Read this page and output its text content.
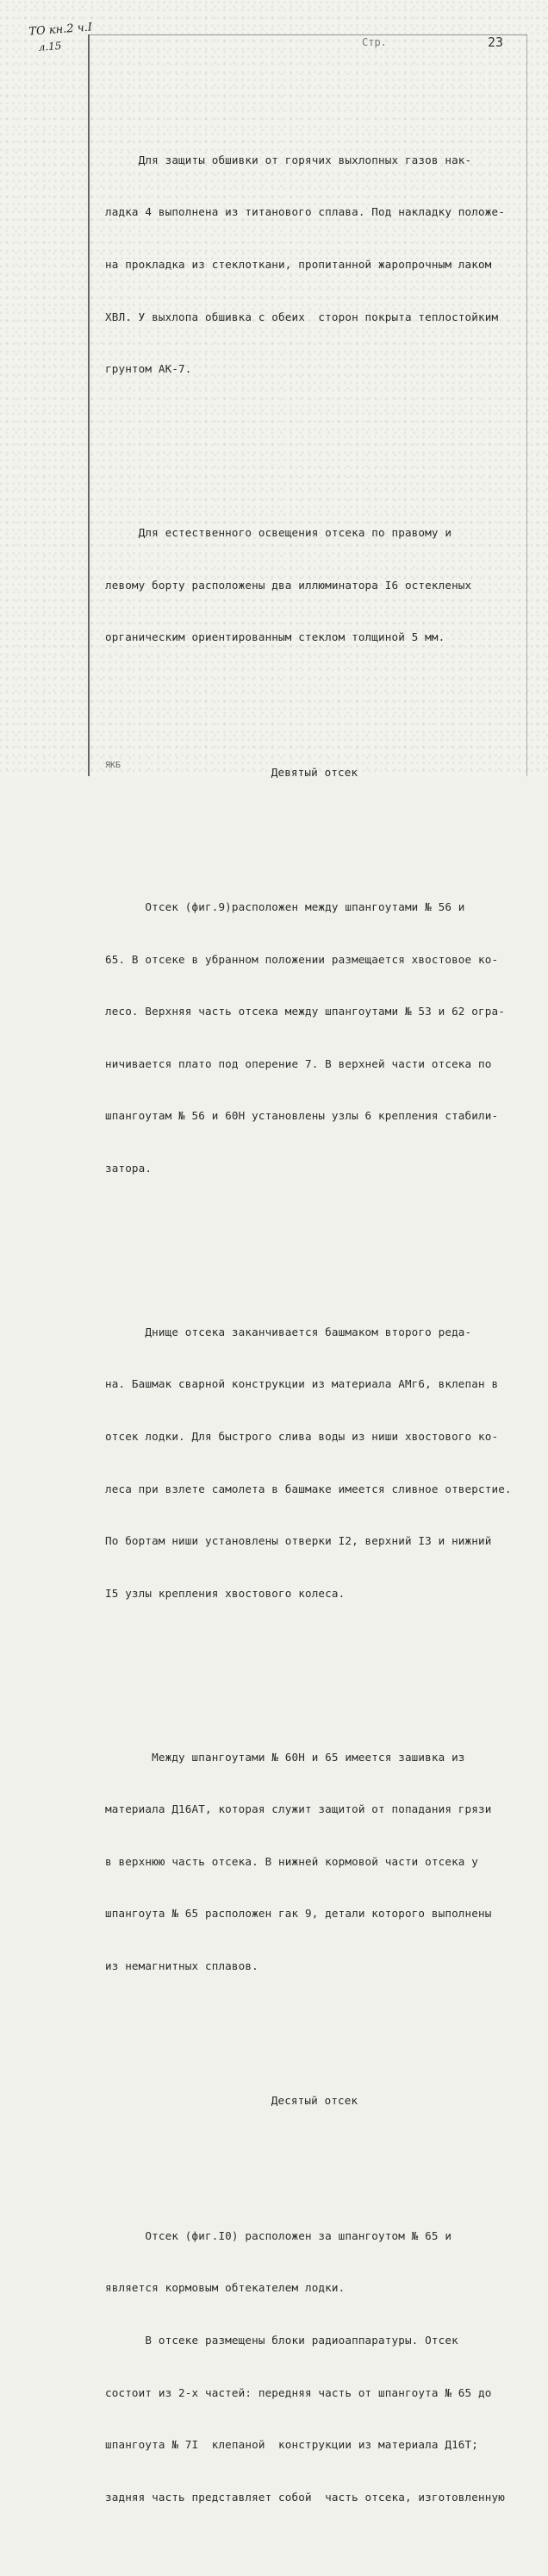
ТО кн.2 ч.I
л.15	Стр.	23

Для защиты обшивки от горячих выхлопных газов нак-

ладка 4 выполнена из титанового сплава. Под накладку положе-

на прокладка из стеклоткани, пропитанной жаропрочным лаком

ХВЛ. У выхлопа обшивка с обеих  сторон покрыта теплостойким

грунтом АК-7.

Для естественного освещения отсека по правому и

левому борту расположены два иллюминатора I6 остекленых

органическим ориентированным стеклом толщиной 5 мм.

Девятый отсек

Отсек (фиг.9)расположен между шпангоутами № 56 и

65. В отсеке в убранном положении размещается хвостовое ко-

лесо. Верхняя часть отсека между шпангоутами № 53 и 62 огра-

ничивается плато под оперение 7. В верхней части отсека по

шпангоутам № 56 и 60Н установлены узлы 6 крепления стабили-

затора.

Днище отсека заканчивается башмаком второго реда-

на. Башмак сварной конструкции из материала АМг6, вклепан в

отсек лодки. Для быстрого слива воды из ниши хвостового ко-

леса при взлете самолета в башмаке имеется сливное отверстие.

По бортам ниши установлены отверки I2, верхний I3 и нижний

I5 узлы крепления хвостового колеса.

Между шпангоутами № 60Н и 65 имеется зашивка из

материала Д16АТ, которая служит защитой от попадания грязи

в верхнюю часть отсека. В нижней кормовой части отсека у

шпангоута № 65 расположен гак 9, детали которого выполнены

из немагнитных сплавов.

Десятый отсек

Отсек (фиг.I0) расположен за шпангоутом № 65 и

является кормовым обтекателем лодки.

В отсеке размещены блоки радиоаппаратуры. Отсек

состоит из 2-х частей: передняя часть от шпангоута № 65 до

шпангоута № 7I  клепаной  конструкции из материала Д16Т;

задняя часть представляет собой  часть отсека, изготовленную

ЯКБ
